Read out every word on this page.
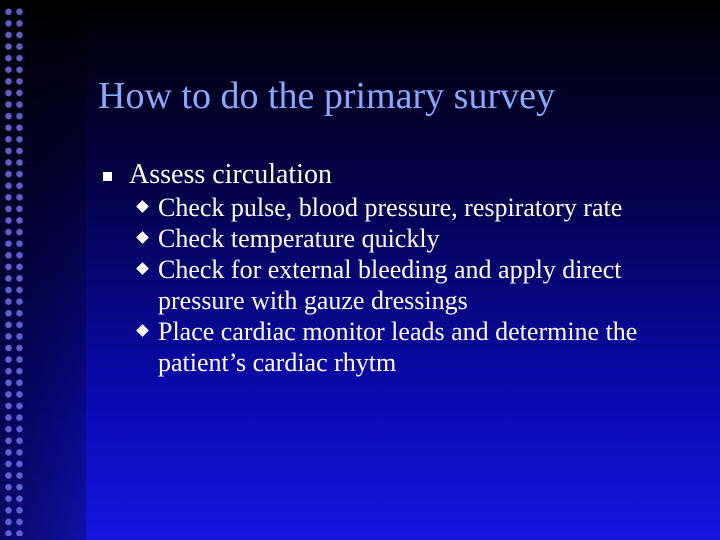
How to do the primary survey
Assess circulation
Check pulse, blood pressure, respiratory rate
Check temperature quickly
Check for external bleeding and apply direct pressure with gauze dressings
Place cardiac monitor leads and determine the patient’s cardiac rhytm
